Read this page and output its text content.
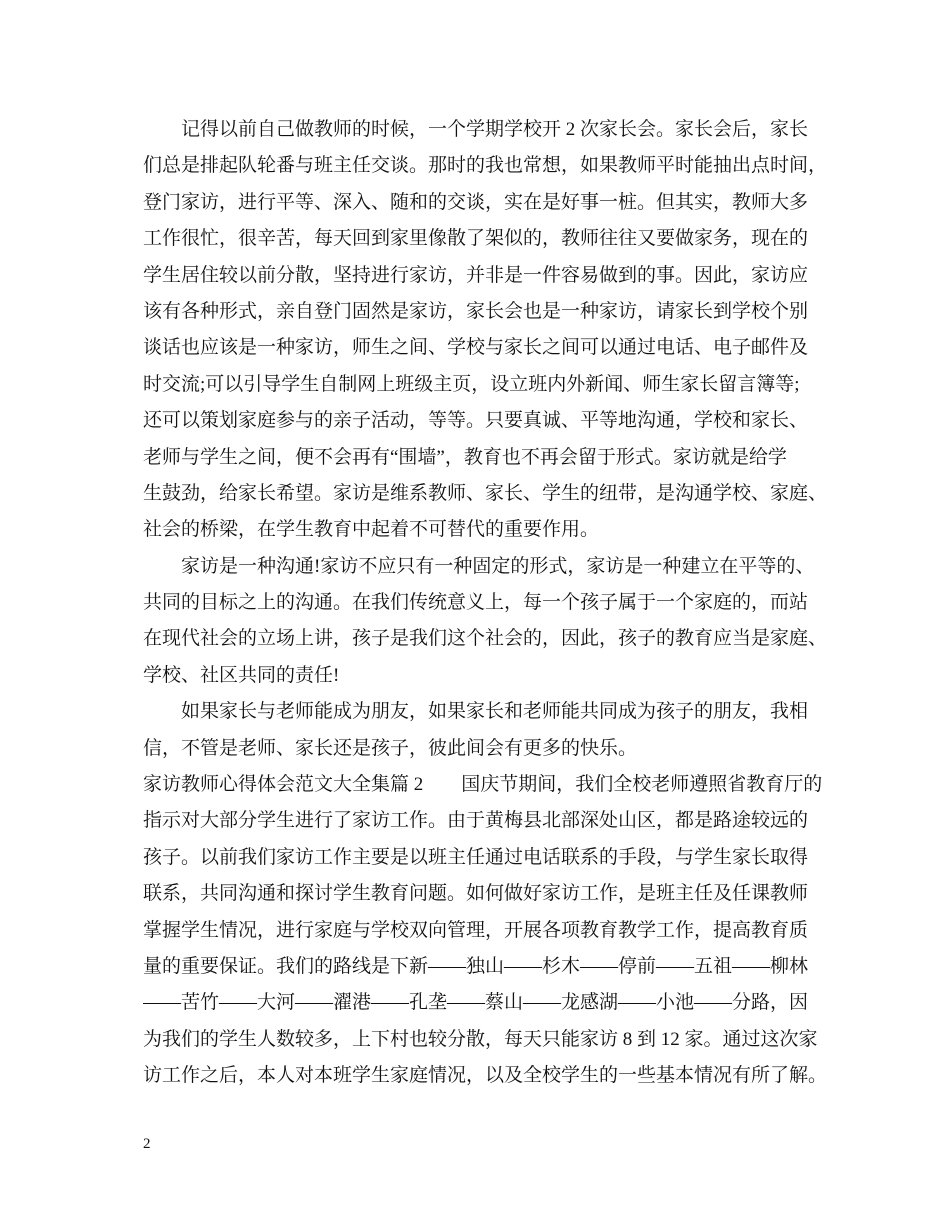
记得以前自己做教师的时候，一个学期学校开 2 次家长会。家长会后，家长
们总是排起队轮番与班主任交谈。那时的我也常想，如果教师平时能抽出点时间，
登门家访，进行平等、深入、随和的交谈，实在是好事一桩。但其实，教师大多
工作很忙，很辛苦，每天回到家里像散了架似的，教师往往又要做家务，现在的
学生居住较以前分散，坚持进行家访，并非是一件容易做到的事。因此，家访应
该有各种形式，亲自登门固然是家访，家长会也是一种家访，请家长到学校个别
谈话也应该是一种家访，师生之间、学校与家长之间可以通过电话、电子邮件及
时交流;可以引导学生自制网上班级主页，设立班内外新闻、师生家长留言簿等;
还可以策划家庭参与的亲子活动，等等。只要真诚、平等地沟通，学校和家长、
老师与学生之间，便不会再有“围墙”，教育也不再会留于形式。家访就是给学
生鼓劲，给家长希望。家访是维系教师、家长、学生的纽带，是沟通学校、家庭、
社会的桥梁，在学生教育中起着不可替代的重要作用。
家访是一种沟通!家访不应只有一种固定的形式，家访是一种建立在平等的、
共同的目标之上的沟通。在我们传统意义上，每一个孩子属于一个家庭的，而站
在现代社会的立场上讲，孩子是我们这个社会的，因此，孩子的教育应当是家庭、
学校、社区共同的责任!
如果家长与老师能成为朋友，如果家长和老师能共同成为孩子的朋友，我相
信，不管是老师、家长还是孩子，彼此间会有更多的快乐。
家访教师心得体会范文大全集篇 2 国庆节期间，我们全校老师遵照省教育厅的
指示对大部分学生进行了家访工作。由于黄梅县北部深处山区，都是路途较远的
孩子。以前我们家访工作主要是以班主任通过电话联系的手段，与学生家长取得
联系，共同沟通和探讨学生教育问题。如何做好家访工作，是班主任及任课教师
掌握学生情况，进行家庭与学校双向管理，开展各项教育教学工作，提高教育质
量的重要保证。我们的路线是下新——独山——杉木——停前——五祖——柳林
——苦竹——大河——濯港——孔垄——蔡山——龙感湖——小池——分路，因
为我们的学生人数较多，上下村也较分散，每天只能家访 8 到 12 家。通过这次家
访工作之后，本人对本班学生家庭情况，以及全校学生的一些基本情况有所了解。
2
